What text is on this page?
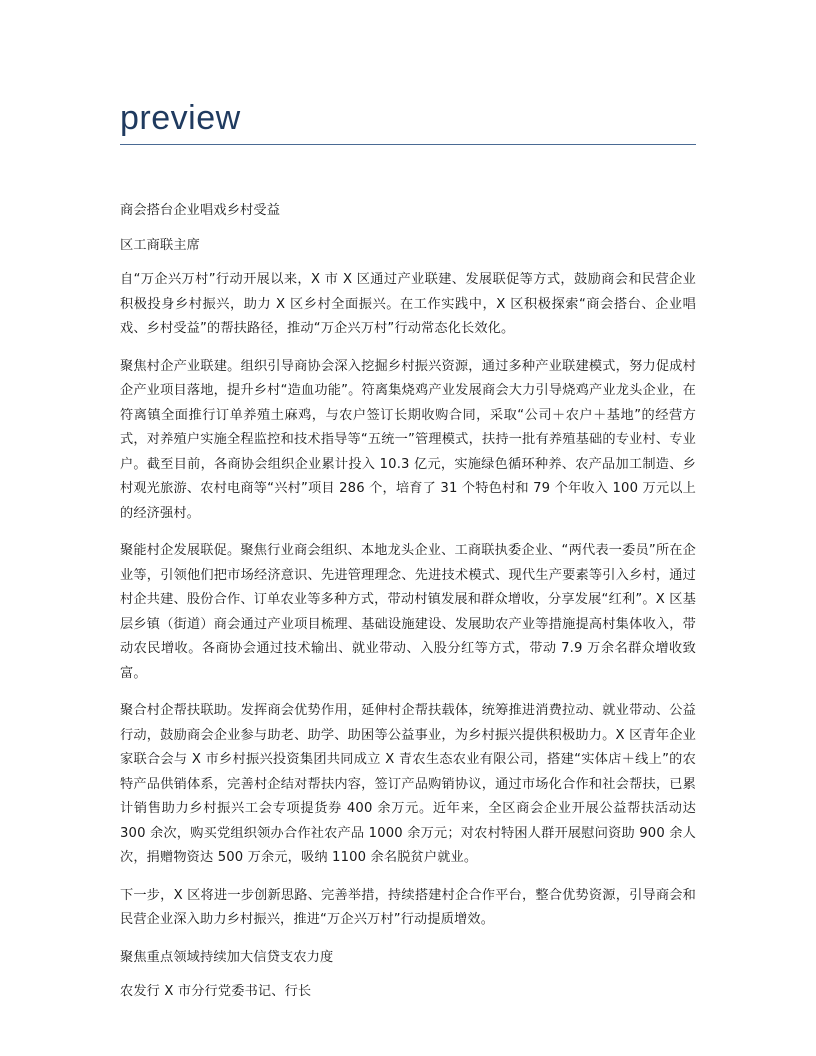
preview

商会搭台企业唱戏乡村受益

区工商联主席

自“万企兴万村”行动开展以来，X 市 X 区通过产业联建、发展联促等方式，鼓励商会和民营企业积极投身乡村振兴，助力 X 区乡村全面振兴。在工作实践中，X 区积极探索“商会搭台、企业唱戏、乡村受益”的帮扶路径，推动“万企兴万村”行动常态化长效化。

聚焦村企产业联建。组织引导商协会深入挖掘乡村振兴资源，通过多种产业联建模式，努力促成村企产业项目落地，提升乡村“造血功能”。符离集烧鸡产业发展商会大力引导烧鸡产业龙头企业，在符离镇全面推行订单养殖土麻鸡，与农户签订长期收购合同，采取“公司＋农户＋基地”的经营方式，对养殖户实施全程监控和技术指导等“五统一”管理模式，扶持一批有养殖基础的专业村、专业户。截至目前，各商协会组织企业累计投入 10.3 亿元，实施绿色循环种养、农产品加工制造、乡村观光旅游、农村电商等“兴村”项目 286 个，培育了 31 个特色村和 79 个年收入 100 万元以上的经济强村。

聚能村企发展联促。聚焦行业商会组织、本地龙头企业、工商联执委企业、“两代表一委员”所在企业等，引领他们把市场经济意识、先进管理理念、先进技术模式、现代生产要素等引入乡村，通过村企共建、股份合作、订单农业等多种方式，带动村镇发展和群众增收，分享发展“红利”。X 区基层乡镇（街道）商会通过产业项目梳理、基础设施建设、发展助农产业等措施提高村集体收入，带动农民增收。各商协会通过技术输出、就业带动、入股分红等方式，带动 7.9 万余名群众增收致富。

聚合村企帮扶联助。发挥商会优势作用，延伸村企帮扶载体，统筹推进消费拉动、就业带动、公益行动，鼓励商会企业参与助老、助学、助困等公益事业，为乡村振兴提供积极助力。X 区青年企业家联合会与 X 市乡村振兴投资集团共同成立 X 青农生态农业有限公司，搭建“实体店＋线上”的农特产品供销体系，完善村企结对帮扶内容，签订产品购销协议，通过市场化合作和社会帮扶，已累计销售助力乡村振兴工会专项提货券 400 余万元。近年来，全区商会企业开展公益帮扶活动达 300 余次，购买党组织领办合作社农产品 1000 余万元；对农村特困人群开展慰问资助 900 余人次，捐赠物资达 500 万余元，吸纳 1100 余名脱贫户就业。

下一步，X 区将进一步创新思路、完善举措，持续搭建村企合作平台，整合优势资源，引导商会和民营企业深入助力乡村振兴，推进“万企兴万村”行动提质增效。

聚焦重点领域持续加大信贷支农力度

农发行 X 市分行党委书记、行长
